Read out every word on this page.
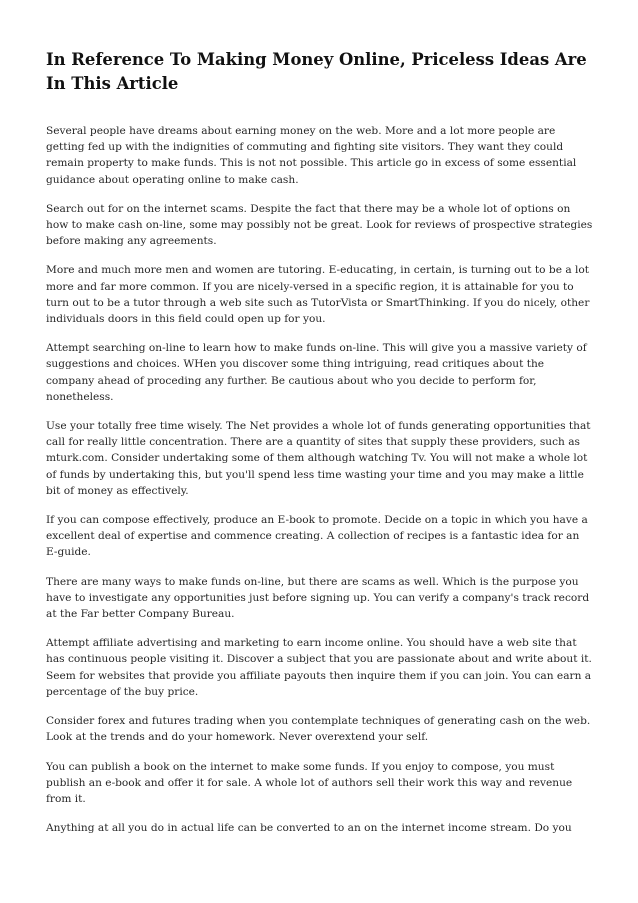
In Reference To Making Money Online, Priceless Ideas Are In This Article

Several people have dreams about earning money on the web. More and a lot more people are getting fed up with the indignities of commuting and fighting site visitors. They want they could remain property to make funds. This is not not possible. This article go in excess of some essential guidance about operating online to make cash.

Search out for on the internet scams. Despite the fact that there may be a whole lot of options on how to make cash on-line, some may possibly not be great. Look for reviews of prospective strategies before making any agreements.

More and much more men and women are tutoring. E-educating, in certain, is turning out to be a lot more and far more common. If you are nicely-versed in a specific region, it is attainable for you to turn out to be a tutor through a web site such as TutorVista or SmartThinking. If you do nicely, other individuals doors in this field could open up for you.

Attempt searching on-line to learn how to make funds on-line. This will give you a massive variety of suggestions and choices. WHen you discover some thing intriguing, read critiques about the company ahead of proceding any further. Be cautious about who you decide to perform for, nonetheless.

Use your totally free time wisely. The Net provides a whole lot of funds generating opportunities that call for really little concentration. There are a quantity of sites that supply these providers, such as mturk.com. Consider undertaking some of them although watching Tv. You will not make a whole lot of funds by undertaking this, but you'll spend less time wasting your time and you may make a little bit of money as effectively.

If you can compose effectively, produce an E-book to promote. Decide on a topic in which you have a excellent deal of expertise and commence creating. A collection of recipes is a fantastic idea for an E-guide.

There are many ways to make funds on-line, but there are scams as well. Which is the purpose you have to investigate any opportunities just before signing up. You can verify a company's track record at the Far better Company Bureau.

Attempt affiliate advertising and marketing to earn income online. You should have a web site that has continuous people visiting it. Discover a subject that you are passionate about and write about it. Seem for websites that provide you affiliate payouts then inquire them if you can join. You can earn a percentage of the buy price.

Consider forex and futures trading when you contemplate techniques of generating cash on the web. Look at the trends and do your homework. Never overextend your self.

You can publish a book on the internet to make some funds. If you enjoy to compose, you must publish an e-book and offer it for sale. A whole lot of authors sell their work this way and revenue from it.

Anything at all you do in actual life can be converted to an on the internet income stream. Do you
